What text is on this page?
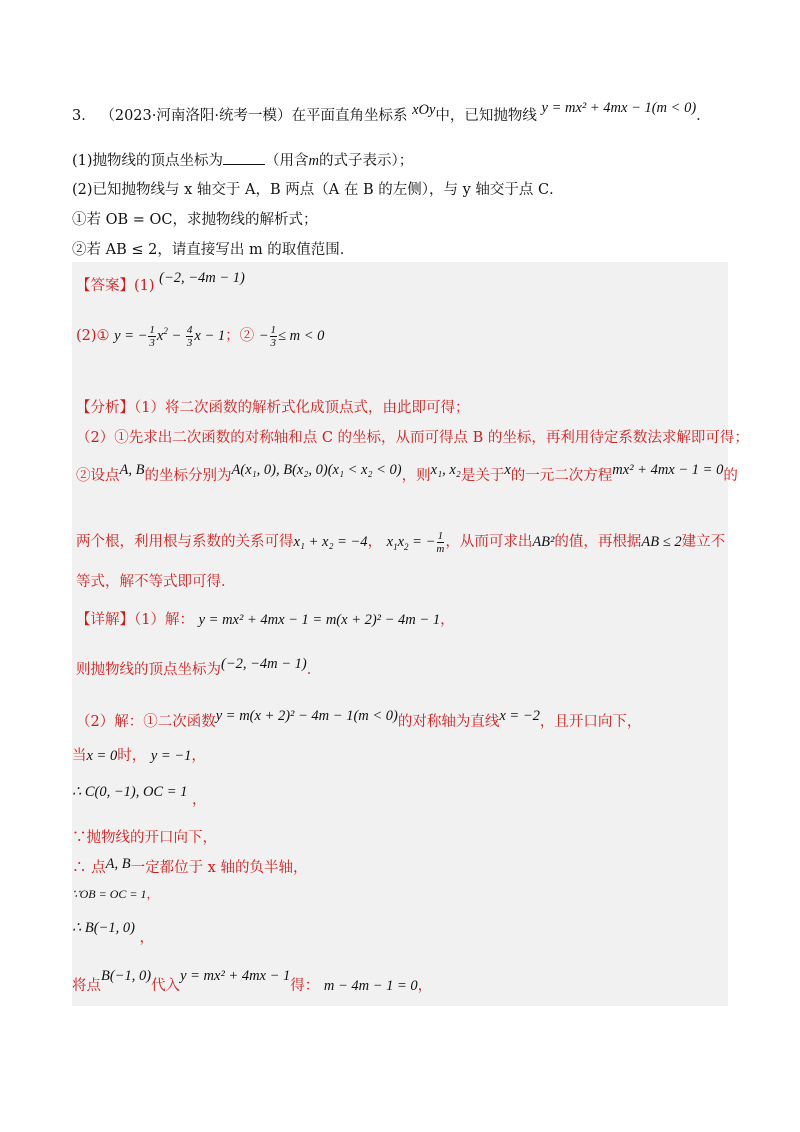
3． （2023·河南洛阳·统考一模）在平面直角坐标系 xOy中，已知抛物线 y = mx² + 4mx − 1(m < 0)．
(1)抛物线的顶点坐标为	（用含m的式子表示）；
(2)已知抛物线与 x 轴交于 A，B 两点（A 在 B 的左侧），与 y 轴交于点 C．
①若 OB = OC，求抛物线的解析式；
②若 AB ≤ 2，请直接写出 m 的取值范围．
【答案】(1) (−2, −4m − 1)
(2)① y = − $\frac{1}{3} x^2 - \frac{4}{3}$ x − 1；② − $\frac{1}{3} \le m < 0$
【分析】（1）将二次函数的解析式化成顶点式，由此即可得；
（2）①先求出二次函数的对称轴和点 C 的坐标，从而可得点 B 的坐标，再利用待定系数法求解即可得；
②设点A, B的坐标分别为A(x₁, 0), B(x₂, 0)(x₁ < x₂ < 0)，则x₁, x₂是关于x的一元二次方程mx² + 4mx − 1 = 0的
两个根，利用根与系数的关系可得x₁ + x₂ = −4， $x_1x_2$ = − $\frac{1}{m}$ ，从而可求出AB²的值，再根据AB ≤ 2建立不
等式，解不等式即可得．
【详解】（1）解： y = mx² + 4mx − 1 = m(x + 2)² − 4m − 1，
则抛物线的顶点坐标为(−2, −4m − 1)．
（2）解：①二次函数y = m(x + 2)² − 4m − 1(m < 0)的对称轴为直线x = −2，且开口向下，
当x = 0时， y = −1，
∴ C(0, −1), OC = 1 ，
∵抛物线的开口向下，
∴ 点A, B一定都位于 x 轴的负半轴，
∵OB = OC = 1，
∴ B(−1, 0) ，
将点B(−1, 0)代入y = mx² + 4mx − 1得： m − 4m − 1 = 0，
